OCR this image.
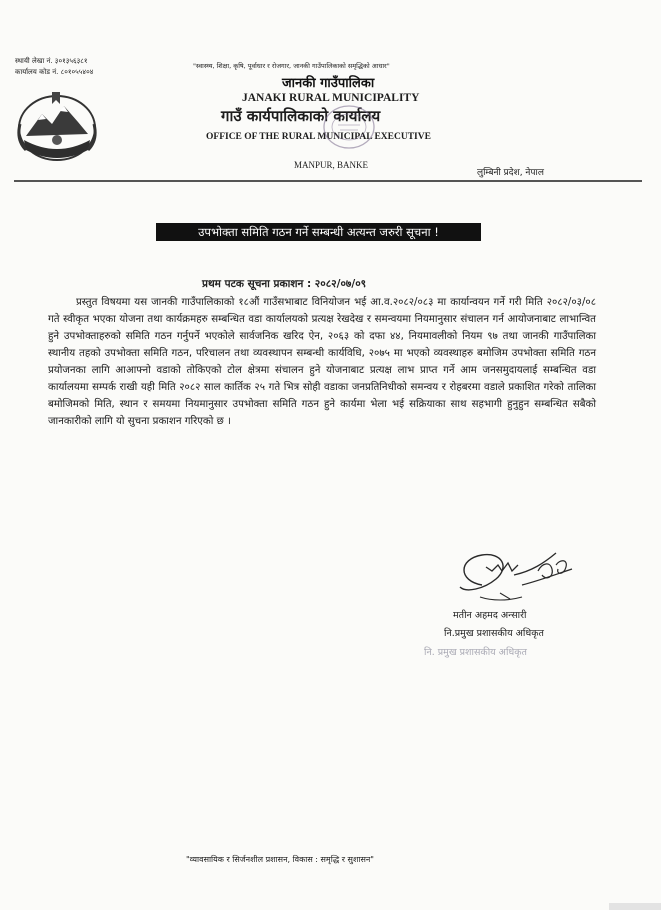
स्थायी लेखा नं. ३०१३५६३८१
कार्यालय कोड नं. ८०१०५५४०४
"स्वास्थ्य, शिक्षा, कृषि, पूर्वाधार र रोजगार, जानकी गाउँपालिकाको समृद्धिको आधार"
जानकी गाउँपालिका
JANAKI RURAL MUNICIPALITY
गाउँ कार्यपालिकाको कार्यालय
OFFICE OF THE RURAL MUNICIPAL EXECUTIVE
MANPUR, BANKE
लुम्बिनी प्रदेश, नेपाल
उपभोक्ता समिति गठन गर्ने सम्बन्धी अत्यन्त जरुरी सूचना !
प्रथम पटक सूचना प्रकाशन : २०८२/०७/०९
प्रस्तुत विषयमा यस जानकी गाउँपालिकाको १८औं गाउँसभाबाट विनियोजन भई आ.व.२०८२/०८३ मा कार्यान्वयन गर्ने गरी मिति २०८२/०३/०८ गते स्वीकृत भएका योजना तथा कार्यक्रमहरु सम्बन्धित वडा कार्यालयको प्रत्यक्ष रेखदेख र समन्वयमा नियमानुसार संचालन गर्न आयोजनाबाट लाभान्वित हुने उपभोक्ताहरुको समिति गठन गर्नुपर्ने भएकोले सार्वजनिक खरिद ऐन, २०६३ को दफा ४४, नियमावलीको नियम ९७ तथा जानकी गाउँपालिका स्थानीय तहको उपभोक्ता समिति गठन, परिचालन तथा व्यवस्थापन सम्बन्धी कार्यविधि, २०७५ मा भएको व्यवस्थाहरु बमोजिम उपभोक्ता समिति गठन प्रयोजनका लागि आआफ्नो वडाको तोकिएको टोल क्षेत्रमा संचालन हुने योजनाबाट प्रत्यक्ष लाभ प्राप्त गर्ने आम जनसमुदायलाई सम्बन्धित वडा कार्यालयमा सम्पर्क राखी यही मिति २०८२ साल कार्तिक २५ गते भित्र सोही वडाका जनप्रतिनिधीको समन्वय र रोहबरमा वडाले प्रकाशित गरेको तालिका बमोजिमको मिति, स्थान र समयमा नियमानुसार उपभोक्ता समिति गठन हुने कार्यमा भेला भई सक्रियाका साथ सहभागी हुनुहुन सम्बन्धित सबैको जानकारीको लागि यो सुचना प्रकाशन गरिएको छ ।
मतीन अहमद अन्सारी
नि.प्रमुख प्रशासकीय अधिकृत
नि. प्रमुख प्रशासकीय अधिकृत
"व्यावसायिक र सिर्जनशील प्रशासन, विकास : समृद्धि र सुशासन"
